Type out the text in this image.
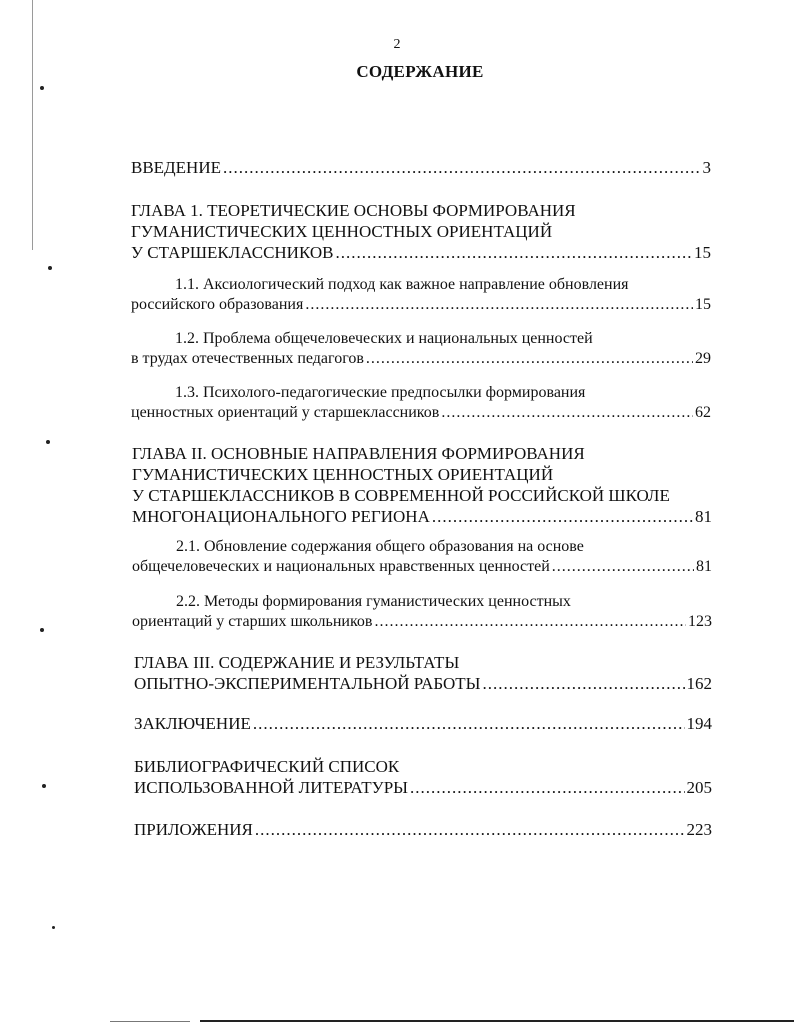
2
СОДЕРЖАНИЕ
ВВЕДЕНИЕ .....	3
ГЛАВА 1. ТЕОРЕТИЧЕСКИЕ ОСНОВЫ ФОРМИРОВАНИЯ
ГУМАНИСТИЧЕСКИХ ЦЕННОСТНЫХ ОРИЕНТАЦИЙ
У СТАРШЕКЛАССНИКОВ .....	15
1.1. Аксиологический подход как важное направление обновления
российского образования .....	15
1.2. Проблема общечеловеческих и национальных ценностей
в трудах отечественных педагогов .....	29
1.3. Психолого-педагогические предпосылки формирования
ценностных ориентаций у старшеклассников .....	62
ГЛАВА II. ОСНОВНЫЕ НАПРАВЛЕНИЯ ФОРМИРОВАНИЯ
ГУМАНИСТИЧЕСКИХ ЦЕННОСТНЫХ ОРИЕНТАЦИЙ
У СТАРШЕКЛАССНИКОВ В СОВРЕМЕННОЙ РОССИЙСКОЙ ШКОЛЕ
МНОГОНАЦИОНАЛЬНОГО РЕГИОНА .....	81
2.1. Обновление содержания общего образования на основе
общечеловеческих и национальных нравственных ценностей .....	81
2.2. Методы формирования гуманистических ценностных
ориентаций у старших школьников .....	123
ГЛАВА III. СОДЕРЖАНИЕ И РЕЗУЛЬТАТЫ
ОПЫТНО-ЭКСПЕРИМЕНТАЛЬНОЙ РАБОТЫ .....	162
ЗАКЛЮЧЕНИЕ .....	194
БИБЛИОГРАФИЧЕСКИЙ СПИСОК
ИСПОЛЬЗОВАННОЙ ЛИТЕРАТУРЫ .....	205
ПРИЛОЖЕНИЯ .....	223
